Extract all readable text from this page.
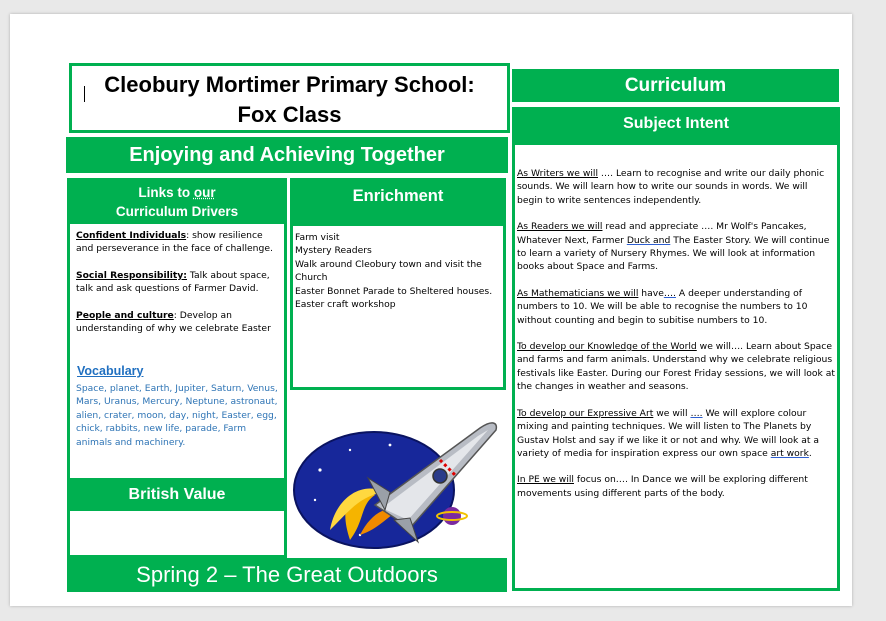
Cleobury Mortimer Primary School:
Fox Class
Enjoying and Achieving Together
Links to our
Curriculum Drivers

Confident Individuals: show resilience and perseverance in the face of challenge.

Social Responsibility: Talk about space, talk and ask questions of Farmer David.

People and culture: Develop an understanding of why we celebrate Easter

Vocabulary
Space, planet, Earth, Jupiter, Saturn, Venus, Mars, Uranus, Mercury, Neptune, astronaut, alien, crater, moon, day, night, Easter, egg, chick, rabbits, new life, parade, Farm animals and machinery.
British Value
Enrichment
Farm visit
Mystery Readers
Walk around Cleobury town and visit the Church
Easter Bonnet Parade to Sheltered houses.
Easter craft workshop
Spring 2 – The Great Outdoors
Curriculum
Subject Intent

As Writers we will …. Learn to recognise and write our daily phonic sounds. We will learn how to write our sounds in words. We will begin to write sentences independently.

As Readers we will read and appreciate …. Mr Wolf's Pancakes, Whatever Next, Farmer Duck and The Easter Story. We will continue to learn a variety of Nursery Rhymes. We will look at information books about Space and Farms.

As Mathematicians we will have…. A deeper understanding of numbers to 10. We will be able to recognise the numbers to 10 without counting and begin to subitise numbers to 10.

To develop our Knowledge of the World we will…. Learn about Space and farms and farm animals. Understand why we celebrate religious festivals like Easter. During our Forest Friday sessions, we will look at the changes in weather and seasons.

To develop our Expressive Art we will …. We will explore colour mixing and painting techniques. We will listen to The Planets by Gustav Holst and say if we like it or not and why. We will look at a variety of media for inspiration express our own space art work.

In PE we will focus on…. In Dance we will be exploring different movements using different parts of the body.
